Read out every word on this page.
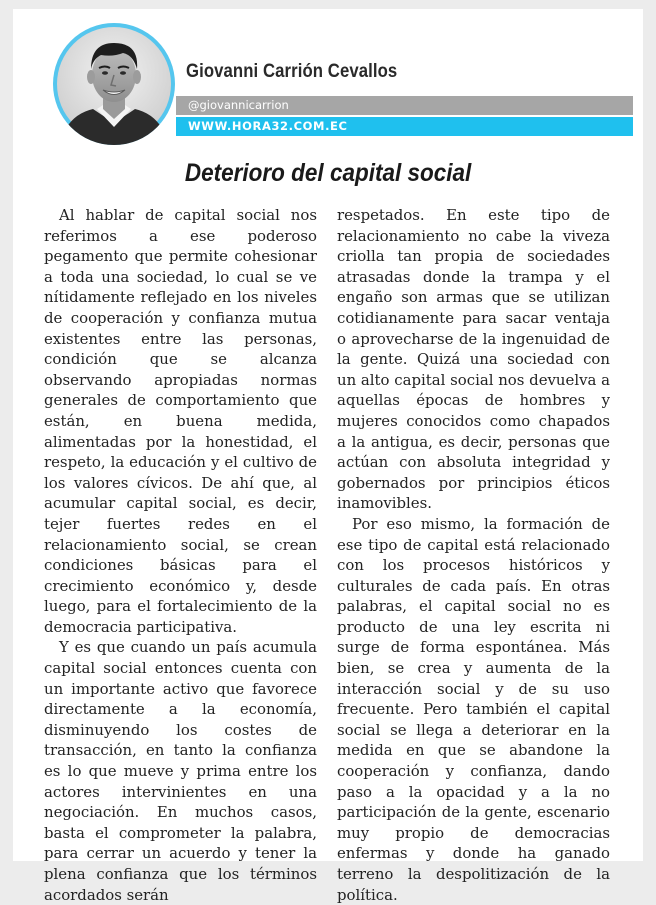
Giovanni Carrión Cevallos
@giovannicarrion
WWW.HORA32.COM.EC
Deterioro del capital social

Al hablar de capital social nos referimos a ese poderoso pegamento que permite cohesionar a toda una sociedad, lo cual se ve nítidamente reflejado en los niveles de cooperación y confianza mutua existentes entre las personas, condición que se alcanza observando apropiadas normas generales de comportamiento que están, en buena medida, alimentadas por la honestidad, el respeto, la educación y el cultivo de los valores cívicos. De ahí que, al acumular capital social, es decir, tejer fuertes redes en el relacionamiento social, se crean condiciones básicas para el crecimiento económico y, desde luego, para el fortalecimiento de la democracia participativa.

Y es que cuando un país acumula capital social entonces cuenta con un importante activo que favorece directamente a la economía, disminuyendo los costes de transacción, en tanto la confianza es lo que mueve y prima entre los actores intervinientes en una negociación. En muchos casos, basta el comprometer la palabra, para cerrar un acuerdo y tener la plena confianza que los términos acordados serán

respetados. En este tipo de relacionamiento no cabe la viveza criolla tan propia de sociedades atrasadas donde la trampa y el engaño son armas que se utilizan cotidianamente para sacar ventaja o aprovecharse de la ingenuidad de la gente. Quizá una sociedad con un alto capital social nos devuelva a aquellas épocas de hombres y mujeres conocidos como chapados a la antigua, es decir, personas que actúan con absoluta integridad y gobernados por principios éticos inamovibles.

Por eso mismo, la formación de ese tipo de capital está relacionado con los procesos históricos y culturales de cada país. En otras palabras, el capital social no es producto de una ley escrita ni surge de forma espontánea. Más bien, se crea y aumenta de la interacción social y de su uso frecuente. Pero también el capital social se llega a deteriorar en la medida en que se abandone la cooperación y confianza, dando paso a la opacidad y a la no participación de la gente, escenario muy propio de democracias enfermas y donde ha ganado terreno la despolitización de la política.
